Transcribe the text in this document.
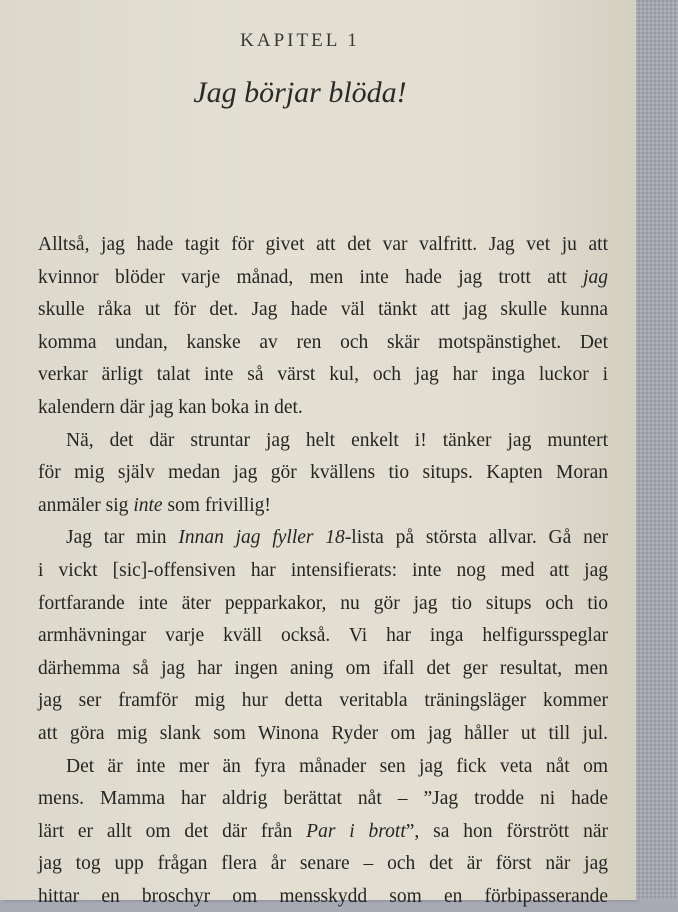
KAPITEL 1
Jag börjar blöda!
Alltså, jag hade tagit för givet att det var valfritt. Jag vet ju att
kvinnor blöder varje månad, men inte hade jag trott att jag
skulle råka ut för det. Jag hade väl tänkt att jag skulle kunna
komma undan, kanske av ren och skär motspänstighet. Det
verkar ärligt talat inte så värst kul, och jag har inga luckor i
kalendern där jag kan boka in det.
Nä, det där struntar jag helt enkelt i! tänker jag muntert
för mig själv medan jag gör kvällens tio situps. Kapten Moran
anmäler sig inte som frivillig!
Jag tar min Innan jag fyller 18-lista på största allvar. Gå ner
i vickt [sic]-offensiven har intensifierats: inte nog med att jag
fortfarande inte äter pepparkakor, nu gör jag tio situps och tio
armhävningar varje kväll också. Vi har inga helfigursspeglar
därhemma så jag har ingen aning om ifall det ger resultat, men
jag ser framför mig hur detta veritabla träningsläger kommer
att göra mig slank som Winona Ryder om jag håller ut till jul.
Det är inte mer än fyra månader sen jag fick veta nåt om
mens. Mamma har aldrig berättat nåt – ”Jag trodde ni hade
lärt er allt om det där från Par i brott”, sa hon förstrött när
jag tog upp frågan flera år senare – och det är först när jag
hittar en broschyr om mensskydd som en förbipasserande
